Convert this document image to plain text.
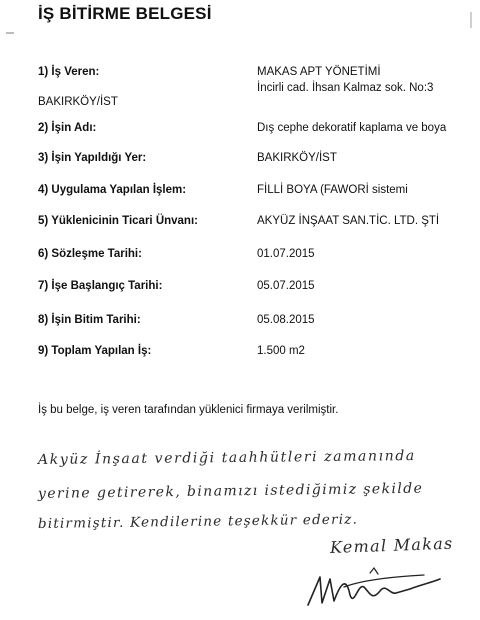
İŞ BİTİRME BELGESİ
1) İş Veren:	MAKAS APT YÖNETİMİ
İncirli cad. İhsan Kalmaz sok. No:3
BAKIRKÖY/İST
2) İşin Adı:	Dış cephe dekoratif kaplama ve boya
3) İşin Yapıldığı Yer:	BAKIRKÖY/İST
4) Uygulama Yapılan İşlem:	FİLLİ BOYA (FAWORİ sistemi
5) Yüklenicinin Ticari Ünvanı:	AKYÜZ İNŞAAT SAN.TİC. LTD. ŞTİ
6) Sözleşme Tarihi:	01.07.2015
7) İşe Başlangıç Tarihi:	05.07.2015
8) İşin Bitim Tarihi:	05.08.2015
9) Toplam Yapılan İş:	1.500 m2
İş bu belge, iş veren tarafından yüklenici firmaya verilmiştir.
Akyüz İnşaat verdiği taahhütleri zamanında
yerine getirerek, binamızı istediğimiz şekilde
bitirmiştir. Kendilerine teşekkür ederiz.
Kemal Makas
